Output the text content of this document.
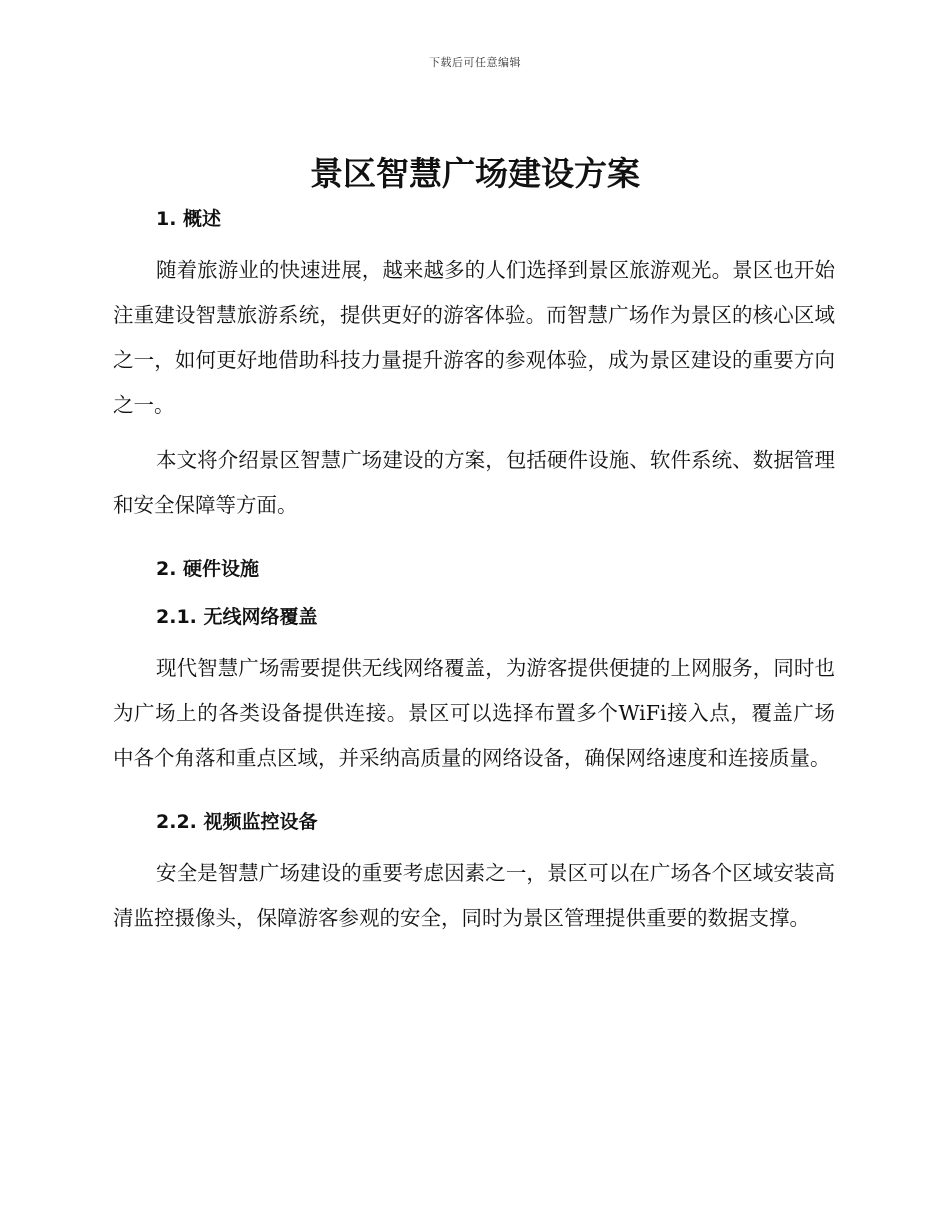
下载后可任意编辑
景区智慧广场建设方案
1. 概述

随着旅游业的快速进展，越来越多的人们选择到景区旅游观光。景区也开始注重建设智慧旅游系统，提供更好的游客体验。而智慧广场作为景区的核心区域之一，如何更好地借助科技力量提升游客的参观体验，成为景区建设的重要方向之一。

本文将介绍景区智慧广场建设的方案，包括硬件设施、软件系统、数据管理和安全保障等方面。

2. 硬件设施
2.1. 无线网络覆盖

现代智慧广场需要提供无线网络覆盖，为游客提供便捷的上网服务，同时也为广场上的各类设备提供连接。景区可以选择布置多个WiFi接入点，覆盖广场中各个角落和重点区域，并采纳高质量的网络设备，确保网络速度和连接质量。

2.2. 视频监控设备

安全是智慧广场建设的重要考虑因素之一，景区可以在广场各个区域安装高清监控摄像头，保障游客参观的安全，同时为景区管理提供重要的数据支撑。
